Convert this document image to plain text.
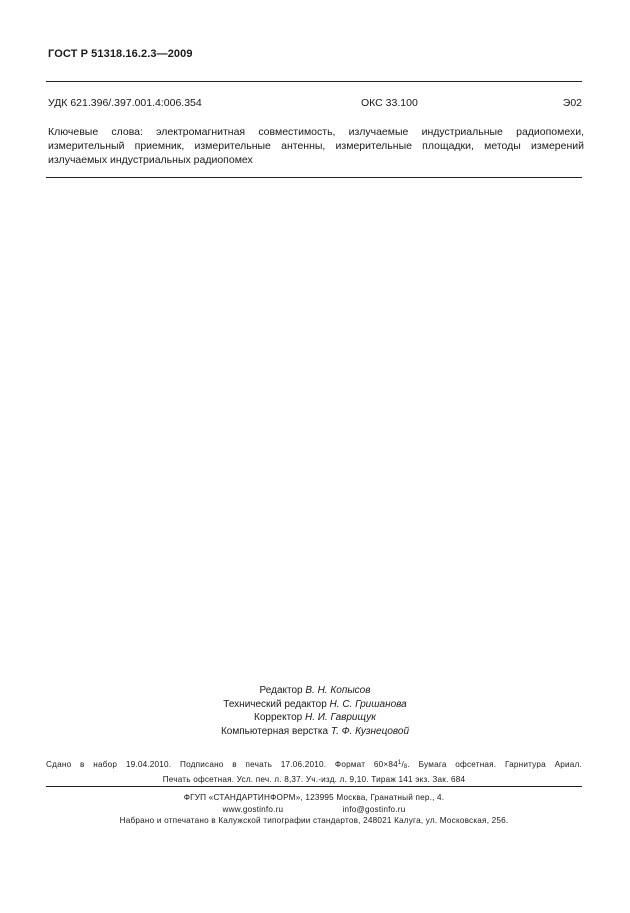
ГОСТ Р 51318.16.2.3—2009
УДК 621.396/.397.001.4:006.354	ОКС 33.100	Э02
Ключевые слова: электромагнитная совместимость, излучаемые индустриальные радиопомехи, измерительный приемник, измерительные антенны, измерительные площадки, методы измерений излучаемых индустриальных радиопомех
Редактор В. Н. Копысов
Технический редактор Н. С. Гришанова
Корректор Н. И. Гаврищук
Компьютерная верстка Т. Ф. Кузнецовой
Сдано в набор 19.04.2010. Подписано в печать 17.06.2010. Формат $60\times 84^1/_8$. Бумага офсетная. Гарнитура Ариал.
Печать офсетная. Усл. печ. л. 8,37. Уч.-изд. л. 9,10. Тираж 141 экз. Зак. 684
ФГУП «СТАНДАРТИНФОРМ», 123995 Москва, Гранатный пер., 4.
www.gostinfo.ru	info@gostinfo.ru
Набрано и отпечатано в Калужской типографии стандартов, 248021 Калуга, ул. Московская, 256.
